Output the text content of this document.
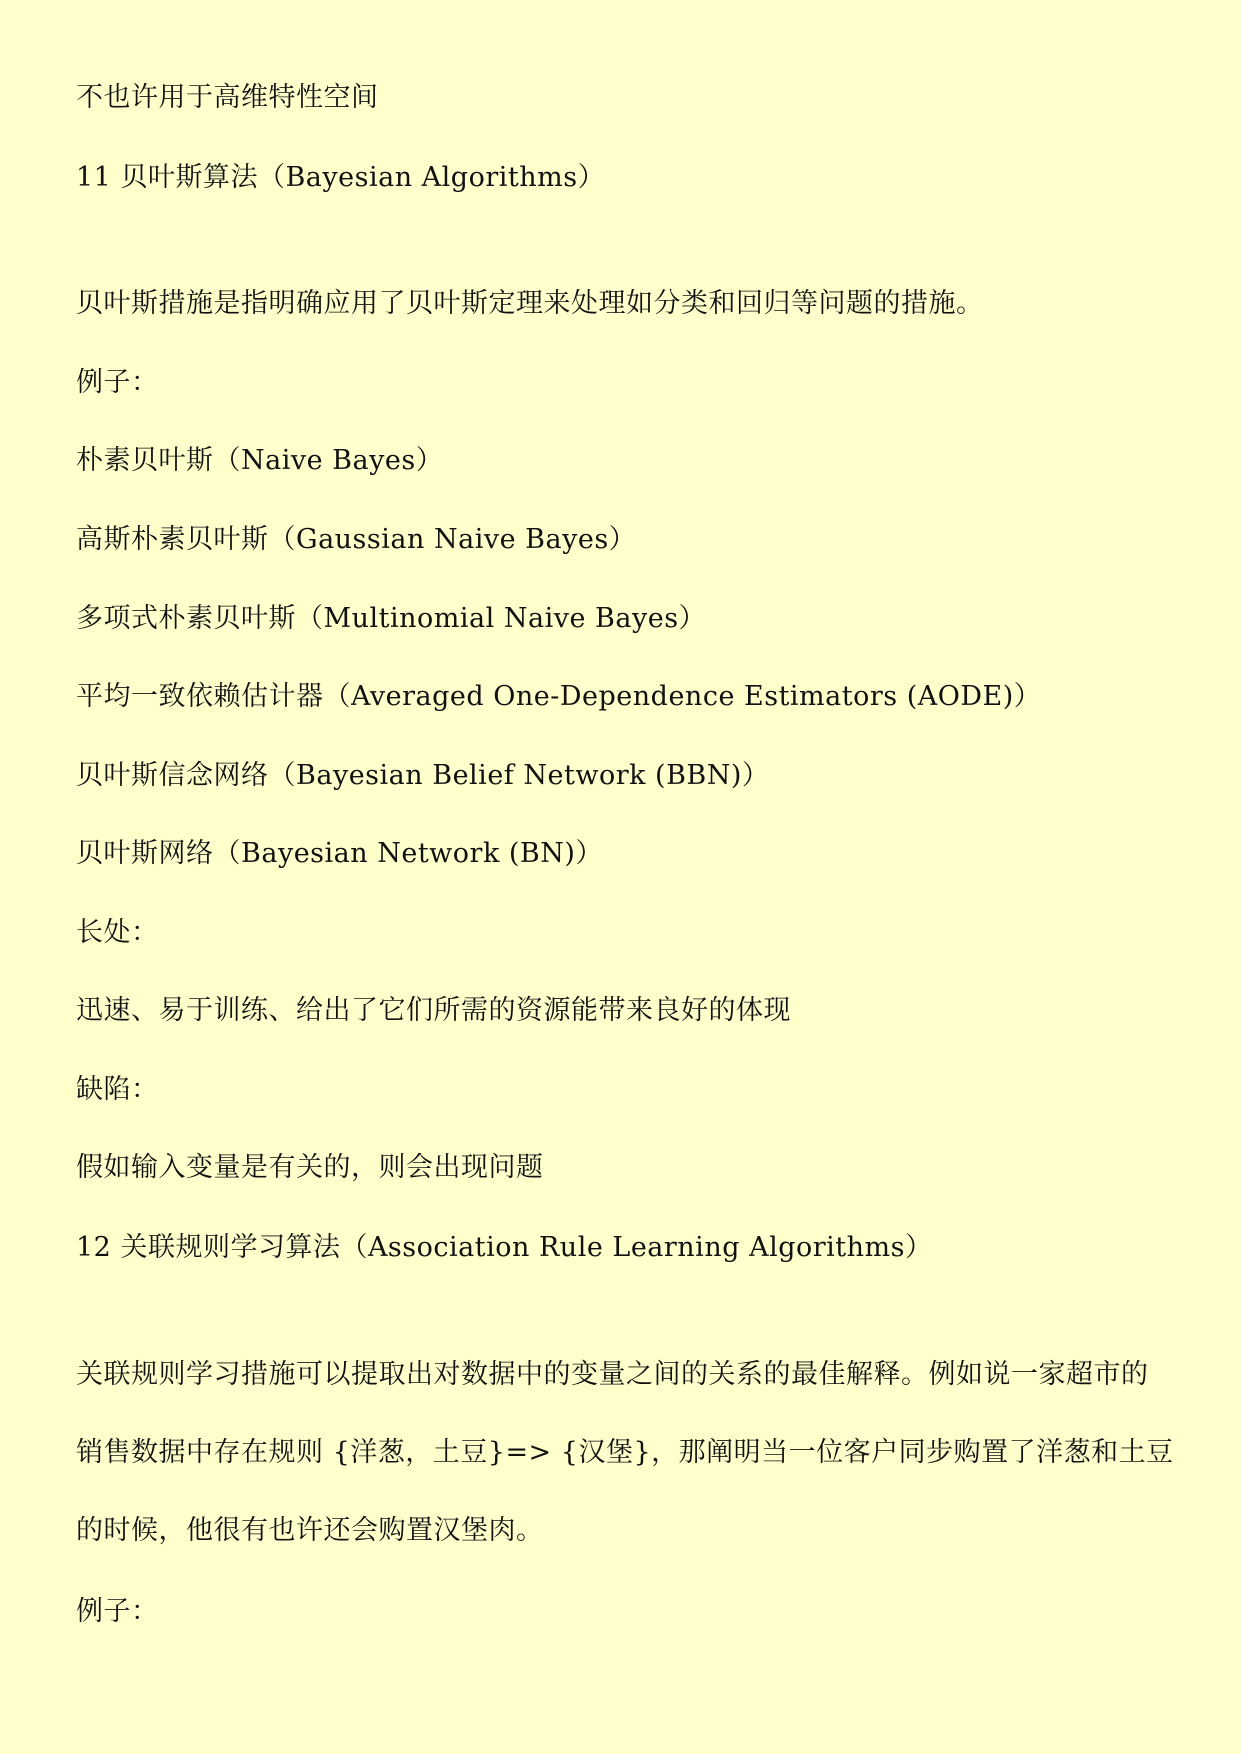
不也许用于高维特性空间
11 贝叶斯算法（Bayesian Algorithms）
贝叶斯措施是指明确应用了贝叶斯定理来处理如分类和回归等问题的措施。
例子：
朴素贝叶斯（Naive Bayes）
高斯朴素贝叶斯（Gaussian Naive Bayes）
多项式朴素贝叶斯（Multinomial Naive Bayes）
平均一致依赖估计器（Averaged One-Dependence Estimators (AODE)）
贝叶斯信念网络（Bayesian Belief Network (BBN)）
贝叶斯网络（Bayesian Network (BN)）
长处：
迅速、易于训练、给出了它们所需的资源能带来良好的体现
缺陷：
假如输入变量是有关的，则会出现问题
12 关联规则学习算法（Association Rule Learning Algorithms）

关联规则学习措施可以提取出对数据中的变量之间的关系的最佳解释。例如说一家超市的

销售数据中存在规则 {洋葱，土豆}=> {汉堡}，那阐明当一位客户同步购置了洋葱和土豆

的时候，他很有也许还会购置汉堡肉。

例子：
